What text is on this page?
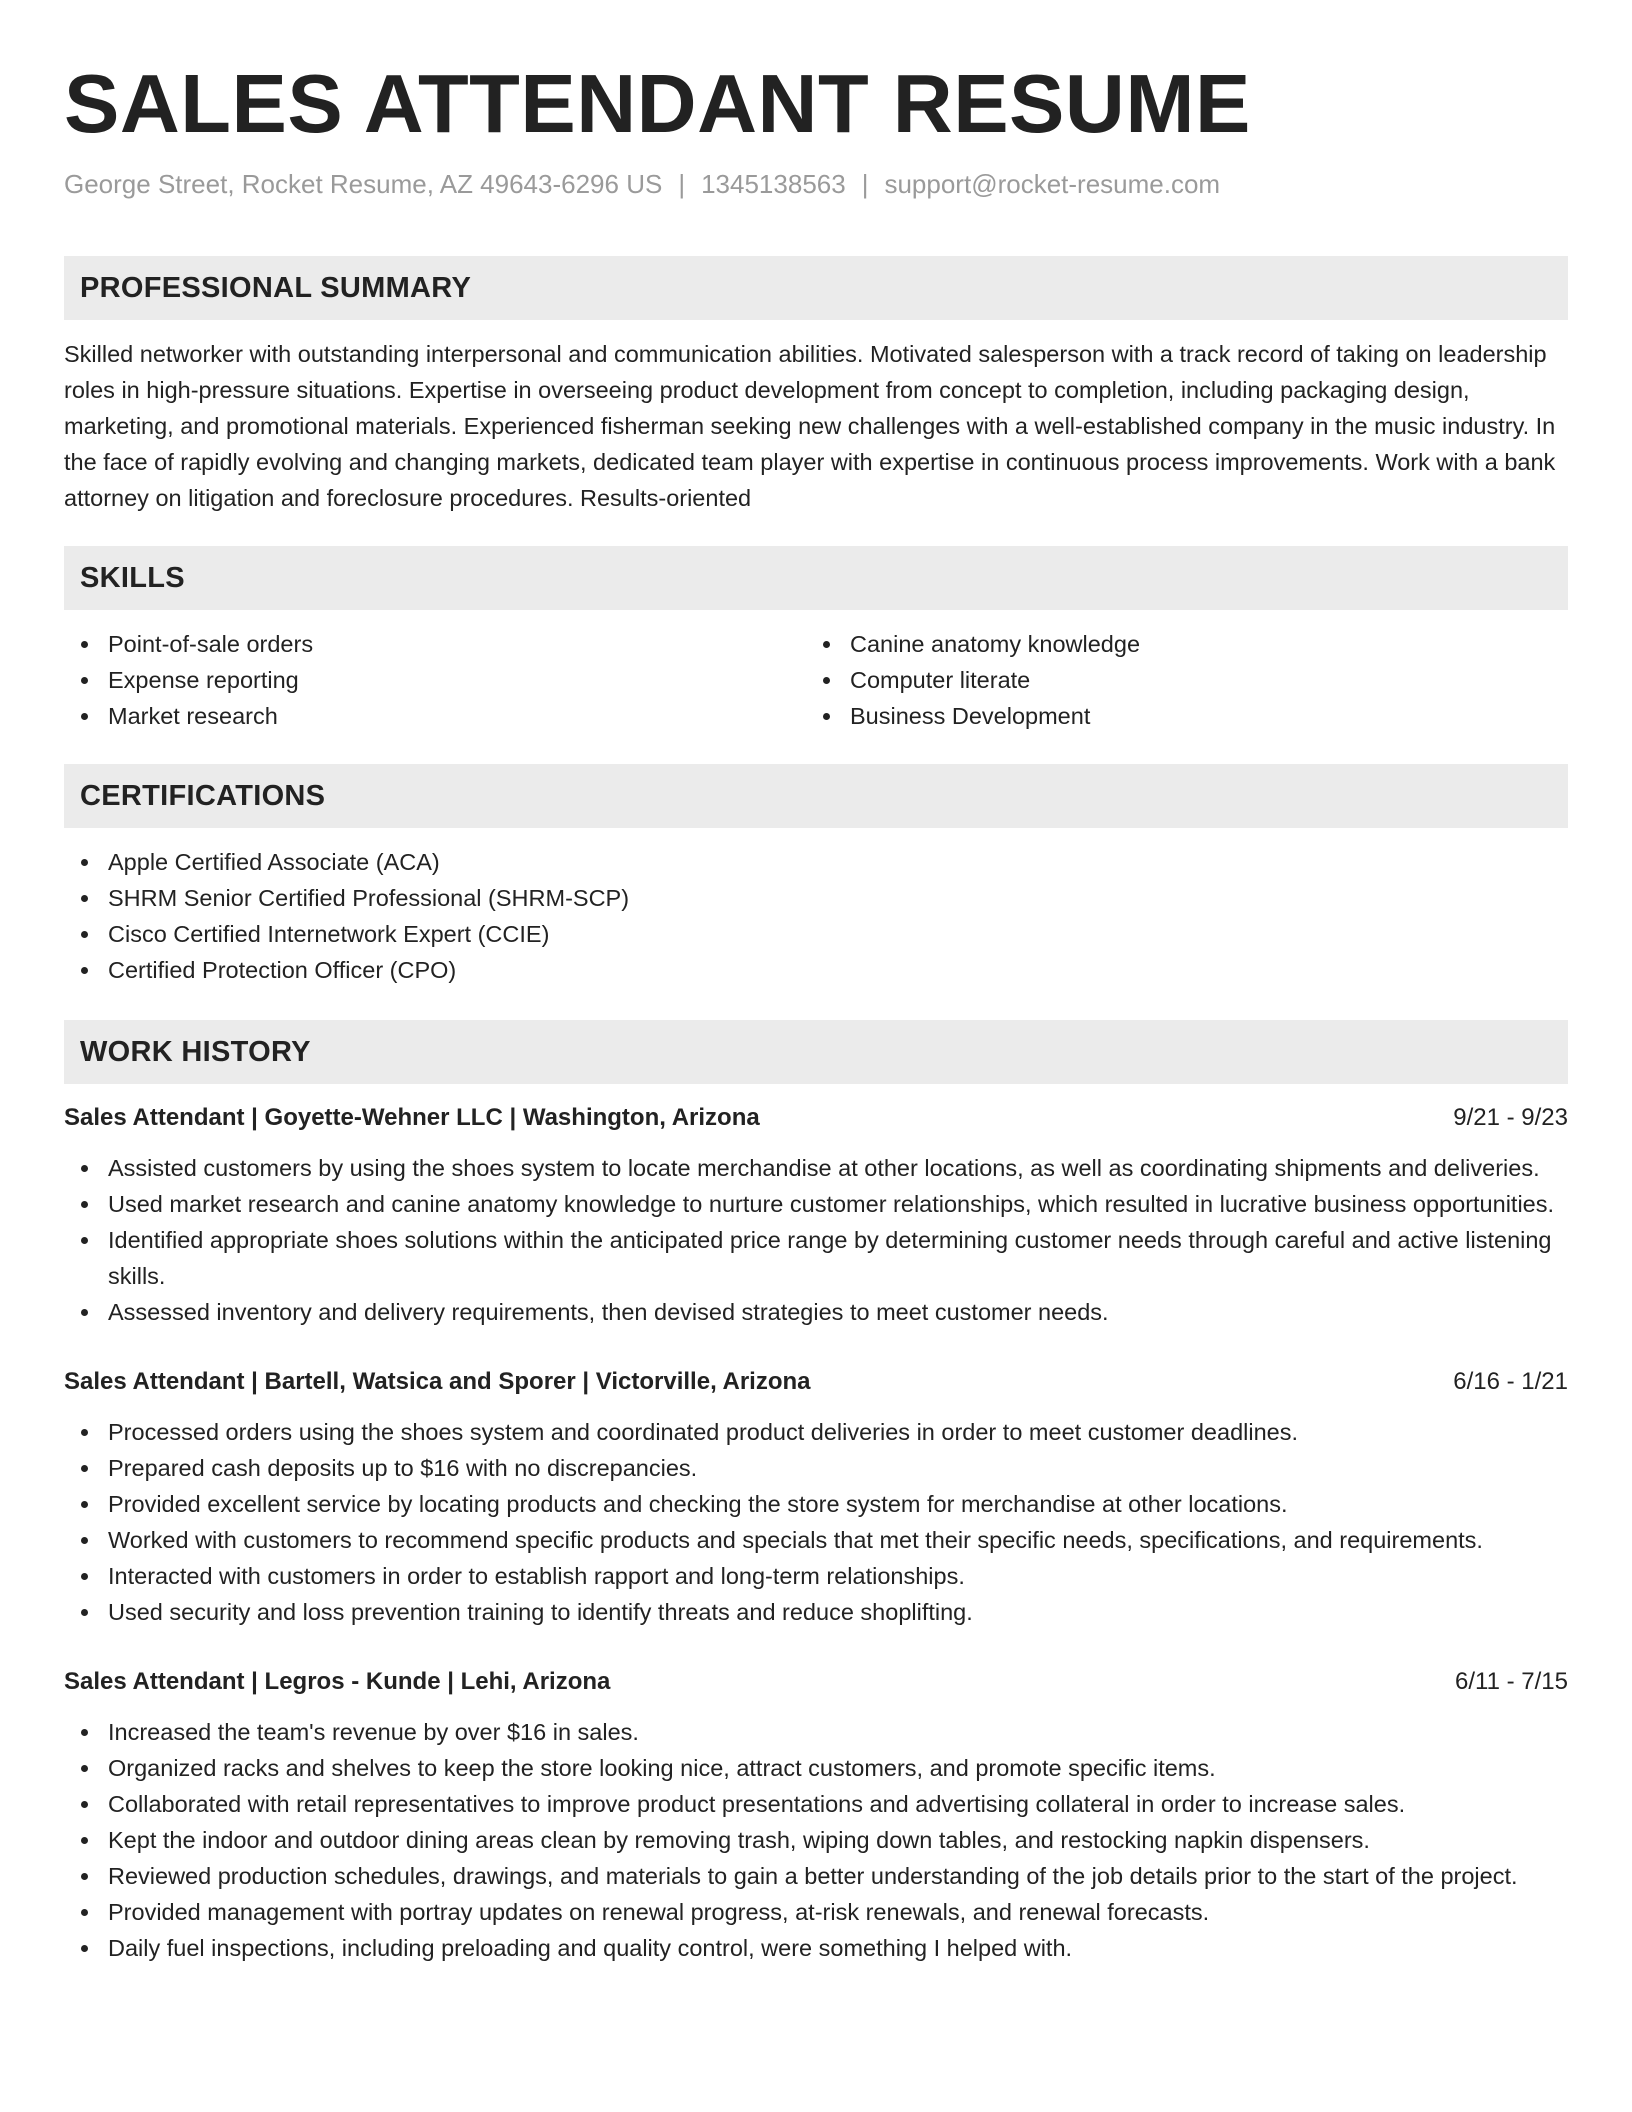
SALES ATTENDANT RESUME
George Street, Rocket Resume, AZ 49643-6296 US | 1345138563 | support@rocket-resume.com
PROFESSIONAL SUMMARY
Skilled networker with outstanding interpersonal and communication abilities. Motivated salesperson with a track record of taking on leadership roles in high-pressure situations. Expertise in overseeing product development from concept to completion, including packaging design, marketing, and promotional materials. Experienced fisherman seeking new challenges with a well-established company in the music industry. In the face of rapidly evolving and changing markets, dedicated team player with expertise in continuous process improvements. Work with a bank attorney on litigation and foreclosure procedures. Results-oriented
SKILLS
Point-of-sale orders
Expense reporting
Market research
Canine anatomy knowledge
Computer literate
Business Development
CERTIFICATIONS
Apple Certified Associate (ACA)
SHRM Senior Certified Professional (SHRM-SCP)
Cisco Certified Internetwork Expert (CCIE)
Certified Protection Officer (CPO)
WORK HISTORY
Sales Attendant | Goyette-Wehner LLC | Washington, Arizona	9/21 - 9/23
Assisted customers by using the shoes system to locate merchandise at other locations, as well as coordinating shipments and deliveries.
Used market research and canine anatomy knowledge to nurture customer relationships, which resulted in lucrative business opportunities.
Identified appropriate shoes solutions within the anticipated price range by determining customer needs through careful and active listening skills.
Assessed inventory and delivery requirements, then devised strategies to meet customer needs.
Sales Attendant | Bartell, Watsica and Sporer | Victorville, Arizona	6/16 - 1/21
Processed orders using the shoes system and coordinated product deliveries in order to meet customer deadlines.
Prepared cash deposits up to $16 with no discrepancies.
Provided excellent service by locating products and checking the store system for merchandise at other locations.
Worked with customers to recommend specific products and specials that met their specific needs, specifications, and requirements.
Interacted with customers in order to establish rapport and long-term relationships.
Used security and loss prevention training to identify threats and reduce shoplifting.
Sales Attendant | Legros - Kunde | Lehi, Arizona	6/11 - 7/15
Increased the team's revenue by over $16 in sales.
Organized racks and shelves to keep the store looking nice, attract customers, and promote specific items.
Collaborated with retail representatives to improve product presentations and advertising collateral in order to increase sales.
Kept the indoor and outdoor dining areas clean by removing trash, wiping down tables, and restocking napkin dispensers.
Reviewed production schedules, drawings, and materials to gain a better understanding of the job details prior to the start of the project.
Provided management with portray updates on renewal progress, at-risk renewals, and renewal forecasts.
Daily fuel inspections, including preloading and quality control, were something I helped with.
